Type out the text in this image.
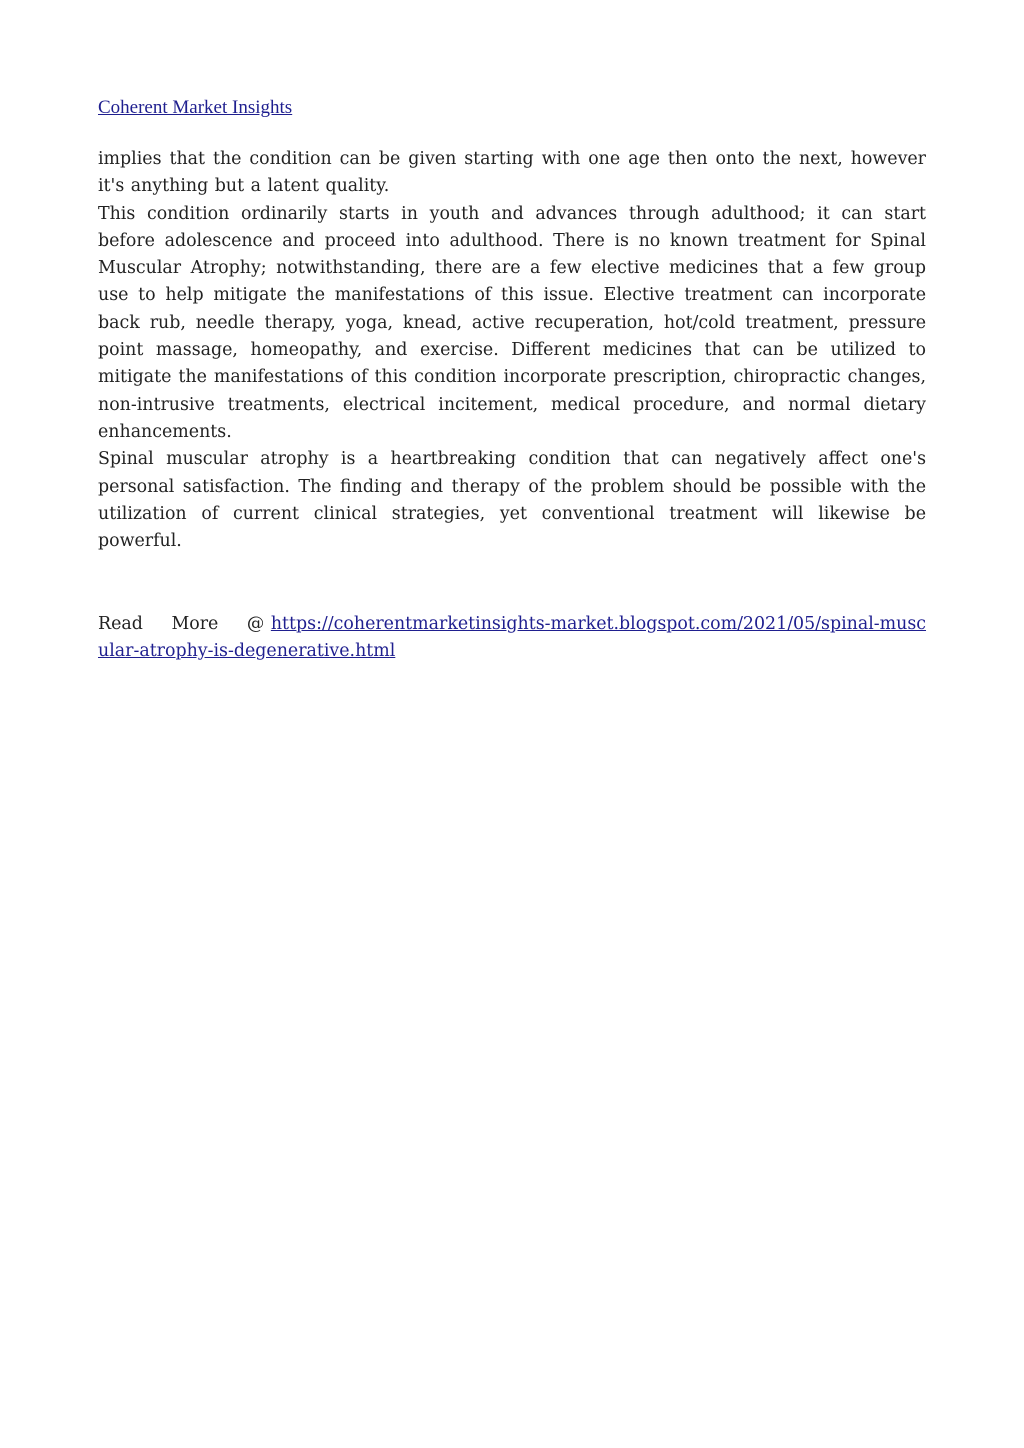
Coherent Market Insights

implies that the condition can be given starting with one age then onto the next, however it's anything but a latent quality.

This condition ordinarily starts in youth and advances through adulthood; it can start before adolescence and proceed into adulthood. There is no known treatment for Spinal Muscular Atrophy; notwithstanding, there are a few elective medicines that a few group use to help mitigate the manifestations of this issue. Elective treatment can incorporate back rub, needle therapy, yoga, knead, active recuperation, hot/cold treatment, pressure point massage, homeopathy, and exercise. Different medicines that can be utilized to mitigate the manifestations of this condition incorporate prescription, chiropractic changes, non-intrusive treatments, electrical incitement, medical procedure, and normal dietary enhancements.

Spinal muscular atrophy is a heartbreaking condition that can negatively affect one's personal satisfaction. The finding and therapy of the problem should be possible with the utilization of current clinical strategies, yet conventional treatment will likewise be powerful.

Read More @ https://coherentmarketinsights-market.blogspot.com/2021/05/spinal-muscular-atrophy-is-degenerative.html
